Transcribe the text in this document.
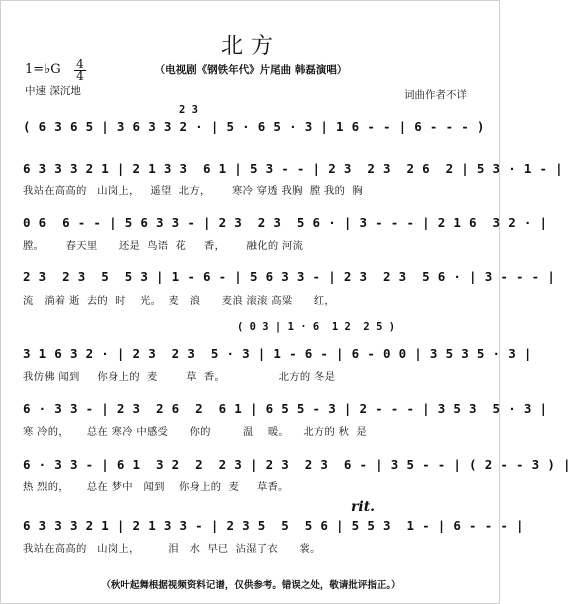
北方
（电视剧《钢铁年代》片尾曲 韩磊演唱）
1=♭G 4
4
中速 深沉地	词曲作者不详
2 3
( 6 3 6 5 | 3 6 3 3 2 · | 5 · 6 5 · 3 | 1 6 - - | 6 - - - )
6 3 3 3 2 1 | 2 1 3 3  6 1 | 5 3 - - | 2 3  2 3  2 6  2 | 5 3 · 1 - |
我站在高高的   山岗上，   遥望  北方，      寒冷 穿透 我胸  膛 我的  胸
0 6  6 - - | 5 6 3 3 - | 2 3  2 3  5 6 · | 3 - - - | 2 1 6  3 2 · |
膛。      春天里      还是  鸟语  花     香，      融化的 河流
2 3  2 3  5  5 3 | 1 - 6 - | 5 6 3 3 - | 2 3  2 3  5 6 · | 3 - - - |
流   淌着 逝  去的  时    光。  麦   浪      麦浪 滚滚 高粱      红，
( 0 3 | 1 · 6  1 2  2 5 )
3 1 6 3 2 · | 2 3  2 3  5 · 3 | 1 - 6 - | 6 - 0 0 | 3 5 3 5 · 3 |
我仿佛 闻到     你身上的  麦        草  香。               北方的 冬是
6 · 3 3 - | 2 3  2 6  2  6 1 | 6 5 5 - 3 | 2 - - - | 3 5 3  5 · 3 |
寒 冷的，     总在 寒冷 中感受      你的         温    暖。    北方的 秋  是
6 · 3 3 - | 6 1  3 2  2  2 3 | 2 3  2 3  6 - | 3 5 - - | ( 2 - - 3 ) |
热 烈的，     总在 梦中   闻到    你身上的  麦     草香。
rit.
6 3 3 3 2 1 | 2 1 3 3 - | 2 3 5  5  5 6 | 5 5 3  1 - | 6 - - - |
我站在高高的   山岗上，        泪   水  早已  沾湿了衣      裳。
（秋叶起舞根据视频资料记谱，仅供参考。错误之处，敬请批评指正。）
